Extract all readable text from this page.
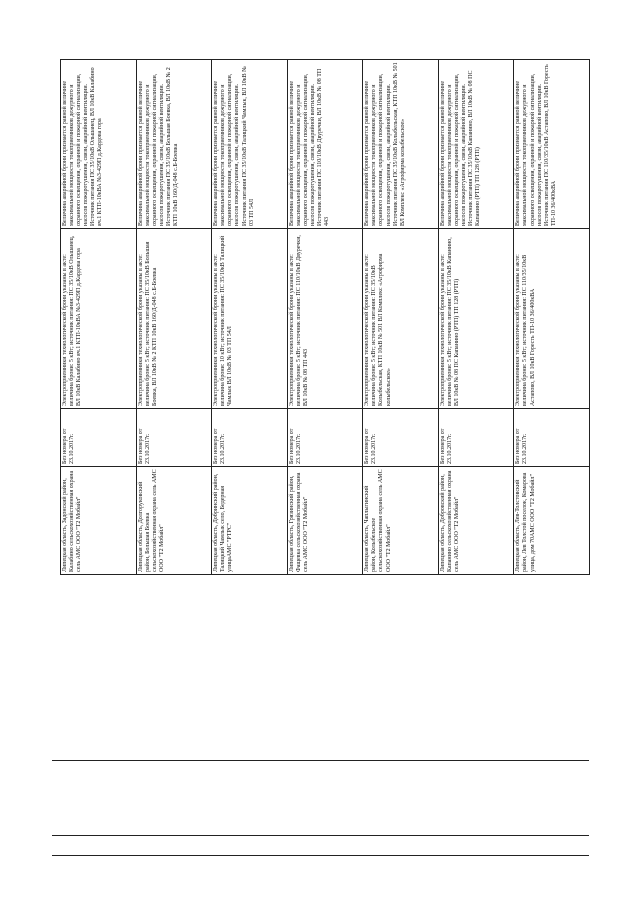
Липецкая область, Задонский район, Калабино сельскохозяйственная охрана сель АМС ООО "Т2 Мобайл"	Без номера от 23.10.2017г.	Электроприемники технологической брони указаны в акте: величина брони: 5 кВт; источник питания: ПС 35/10кВ Ольшанец, ВЛ 10кВ Калабино яч.1 КТП-10кВА №3-429П д.Кардова гора	Величина аварийной брони признается равной величине максимальной мощности токоприемников дежурного и охранного освещения, охранной и пожарной сигнализации, насосов пожаротушения, связи, аварийной вентиляции. Источник питания ПС 35/10кВ Ольшанец, ВЛ 10кВ Калабино яч.1 КТП-10кВА №3-429П д.Кардова гора
Липецкая область, Долгоруковский район, Большая Боевка сельскохозяйственная охрана сель АМС ООО "Т2 Мобайл"	Без номера от 23.10.2017г.	Электроприемники технологической брони указаны в акте: величина брони: 5 кВт; источник питания: ПС 35/10кВ Большая Боевка, ВЛ 10кВ № 2 КТП 10кВ 160/Д-048 с.Б-Боевка	Величина аварийной брони признается равной величине максимальной мощности токоприемников дежурного и охранного освещения, охранной и пожарной сигнализации, насосов пожаротушения, связи, аварийной вентиляции. Источник питания ПС 35/10кВ Большая Боевка, ВЛ 10кВ № 2 КТП 10кВ 160/Д-048 с.Б-Боевка
Липецкая область, Добринский район, Талицкий Чамлык село, Бедерная улицаАМС "РТРС"	Без номера от 23.10.2017г.	Электроприемники технологической брони указаны в акте: величина брони: 10 кВт; источник питания: ПС 35/10кВ Талицкий Чамлык ВЛ 10кВ № 03 ТП 54Л	Величина аварийной брони признается равной величине максимальной мощности токоприемников дежурного и охранного освещения, охранной и пожарной сигнализации, насосов пожаротушения, связи, аварийной вентиляции. Источник питания ПС 35/10кВ Талицкий Чамлык, ВЛ 10кВ № 03 ТП 54Л
Липецкая область, Грязинский район, Фащевка сельскохозяйственная охрана сель АМС ООО "Т2 Мобайл"	Без номера от 23.10.2017г.	Электроприемники технологической брони указаны в акте: величина брони: 5 кВт; источник питания: ПС 110/10кВ Двуречки, ВЛ 10кВ № 08 ТП 443	Величина аварийной брони признается равной величине максимальной мощности токоприемников дежурного и охранного освещения, охранной и пожарной сигнализации, насосов пожаротушения, связи, аварийной вентиляции. Источник питания ПС 110/10кВ Двуречки, ВЛ 10кВ № 08 ТП 443
Липецкая область, Чаплыгинский район, Колыбельское сельскохозяйственная охрана сель АМС ООО "Т2 Мобайл"	Без номера от 23.10.2017г.	Электроприемники технологической брони указаны в акте: величина брони: 5 кВт; источник питания: ПС 35/10кВ Колыбельская, КТП 10кВ № 501 ВЛ Комплекс «Агрофирма колыбельское»	Величина аварийной брони признается равной величине максимальной мощности токоприемников дежурного и охранного освещения, охранной и пожарной сигнализации, насосов пожаротушения, связи, аварийной вентиляции. Источник питания ПС 35/10кВ Колыбельская, КТП 10кВ № 501 ВЛ Комплекс «Агрофирма колыбельское»
Липецкая область, Добровский район, Капанино сельскохозяйственная охрана сель АМС ООО "Т2 Мобайл"	Без номера от 23.10.2017г.	Электроприемники технологической брони указаны в акте: величина брони: 5 кВт; источник питания: ПС 35/10кВ Капанино, ВЛ 10кВ № 08 ПС Капанино (РТП) ТП 128 (РТП)	Величина аварийной брони признается равной величине максимальной мощности токоприемников дежурного и охранного освещения, охранной и пожарной сигнализации, насосов пожаротушения, связи, аварийной вентиляции. Источник питания ПС 35/10кВ Капанино, ВЛ 10кВ № 08 ПС Капанино (РТП) ТП 128 (РТП)
Липецкая область, Лев-Толстовский район, Лев Толстой поселок, Комарова улица, дом 70АМС ООО "Т2 Мобайл"	Без номера от 23.10.2017г.	Электроприемники технологической брони указаны в акте: величина брони: 5 кВт; источник питания: ПС 110/35/10кВ Астапово, ВЛ 10кВ Горесть ТП-10 36/400кВА	Величина аварийной брони признается равной величине максимальной мощности токоприемников дежурного и охранного освещения, охранной и пожарной сигнализации, насосов пожаротушения, связи, аварийной вентиляции. Источник питания ПС 110/35/10кВ Астапово, ВЛ 10кВ Горесть ТП-10 36/400кВА
